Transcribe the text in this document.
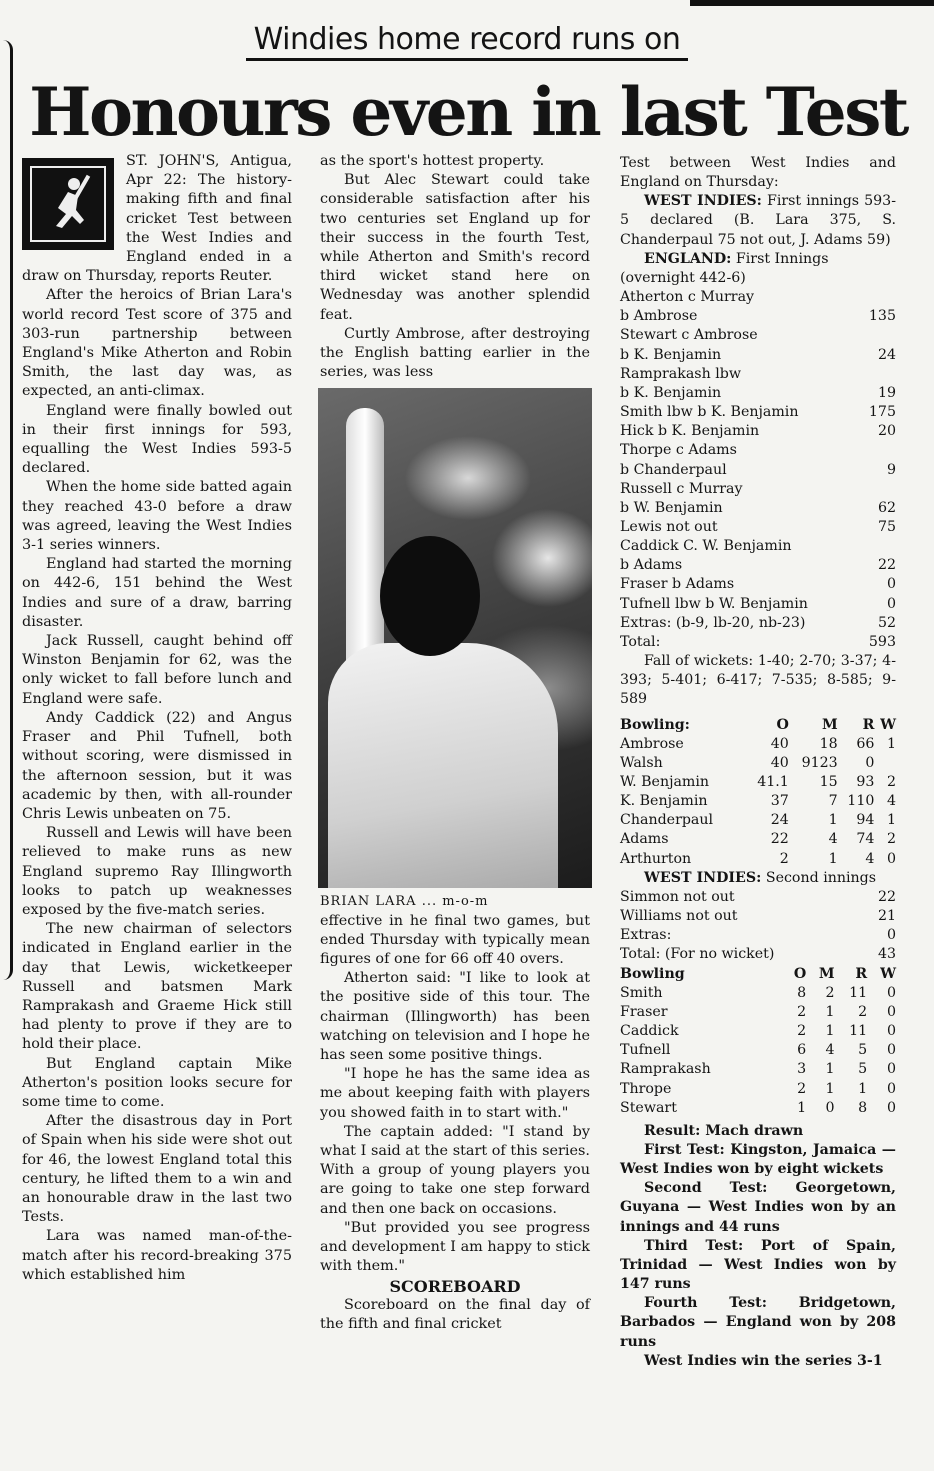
Windies home record runs on
Honours even in last Test

ST. JOHN'S, Antigua, Apr 22: The history-making fifth and final cricket Test between the West Indies and England ended in a draw on Thursday, reports Reuter.

After the heroics of Brian Lara's world record Test score of 375 and 303-run partnership between England's Mike Atherton and Robin Smith, the last day was, as expected, an anti-climax.

England were finally bowled out in their first innings for 593, equalling the West Indies 593-5 declared.

When the home side batted again they reached 43-0 before a draw was agreed, leaving the West Indies 3-1 series winners.

England had started the morning on 442-6, 151 behind the West Indies and sure of a draw, barring disaster.

Jack Russell, caught behind off Winston Benjamin for 62, was the only wicket to fall before lunch and England were safe.

Andy Caddick (22) and Angus Fraser and Phil Tufnell, both without scoring, were dismissed in the afternoon session, but it was academic by then, with all-rounder Chris Lewis unbeaten on 75.

Russell and Lewis will have been relieved to make runs as new England supremo Ray Illingworth looks to patch up weaknesses exposed by the five-match series.

The new chairman of selectors indicated in England earlier in the day that Lewis, wicketkeeper Russell and batsmen Mark Ramprakash and Graeme Hick still had plenty to prove if they are to hold their place.

But England captain Mike Atherton's position looks secure for some time to come.

After the disastrous day in Port of Spain when his side were shot out for 46, the lowest England total this century, he lifted them to a win and an honourable draw in the last two Tests.

Lara was named man-of-the-match after his record-breaking 375 which established him

as the sport's hottest property.

But Alec Stewart could take considerable satisfaction after his two centuries set England up for their success in the fourth Test, while Atherton and Smith's record third wicket stand here on Wednesday was another splendid feat.

Curtly Ambrose, after destroying the English batting earlier in the series, was less

BRIAN LARA ... m-o-m

effective in he final two games, but ended Thursday with typically mean figures of one for 66 off 40 overs.

Atherton said: "I like to look at the positive side of this tour. The chairman (Illingworth) has been watching on television and I hope he has seen some positive things.

"I hope he has the same idea as me about keeping faith with players you showed faith in to start with."

The captain added: "I stand by what I said at the start of this series. With a group of young players you are going to take one step forward and then one back on occasions.

"But provided you see progress and development I am happy to stick with them."

SCOREBOARD

Scoreboard on the final day of the fifth and final cricket

Test between West Indies and England on Thursday:

WEST INDIES: First innings 593-5 declared (B. Lara 375, S. Chanderpaul 75 not out, J. Adams 59)

ENGLAND: First Innings
(overnight 442-6)
Atherton c Murray
b Ambrose	135
Stewart c Ambrose
b K. Benjamin	24
Ramprakash lbw
b K. Benjamin	19
Smith lbw b K. Benjamin	175
Hick b K. Benjamin	20
Thorpe c Adams
b Chanderpaul	9
Russell c Murray
b W. Benjamin	62
Lewis not out	75
Caddick C. W. Benjamin
b Adams	22
Fraser b Adams	0
Tufnell lbw b W. Benjamin	0
Extras: (b-9, lb-20, nb-23)	52
Total:	593

Fall of wickets: 1-40; 2-70; 3-37; 4-393; 5-401; 6-417; 7-535; 8-585; 9-589

Bowling:	O	M	R	W
Ambrose	40	18	66	1
Walsh	40	9123	0	
W. Benjamin	41.1	15	93	2
K. Benjamin	37	7	110	4
Chanderpaul	24	1	94	1
Adams	22	4	74	2
Arthurton	2	1	4	0
WEST INDIES: Second innings
Simmon not out	22
Williams not out	21
Extras:	0
Total: (For no wicket)	43
Bowling	O	M	R	W
Smith	8	2	11	0
Fraser	2	1	2	0
Caddick	2	1	11	0
Tufnell	6	4	5	0
Ramprakash	3	1	5	0
Thrope	2	1	1	0
Stewart	1	0	8	0

Result: Mach drawn

First Test: Kingston, Jamaica — West Indies won by eight wickets

Second Test: Georgetown, Guyana — West Indies won by an innings and 44 runs

Third Test: Port of Spain, Trinidad — West Indies won by 147 runs

Fourth Test: Bridgetown, Barbados — England won by 208 runs

West Indies win the series 3-1
